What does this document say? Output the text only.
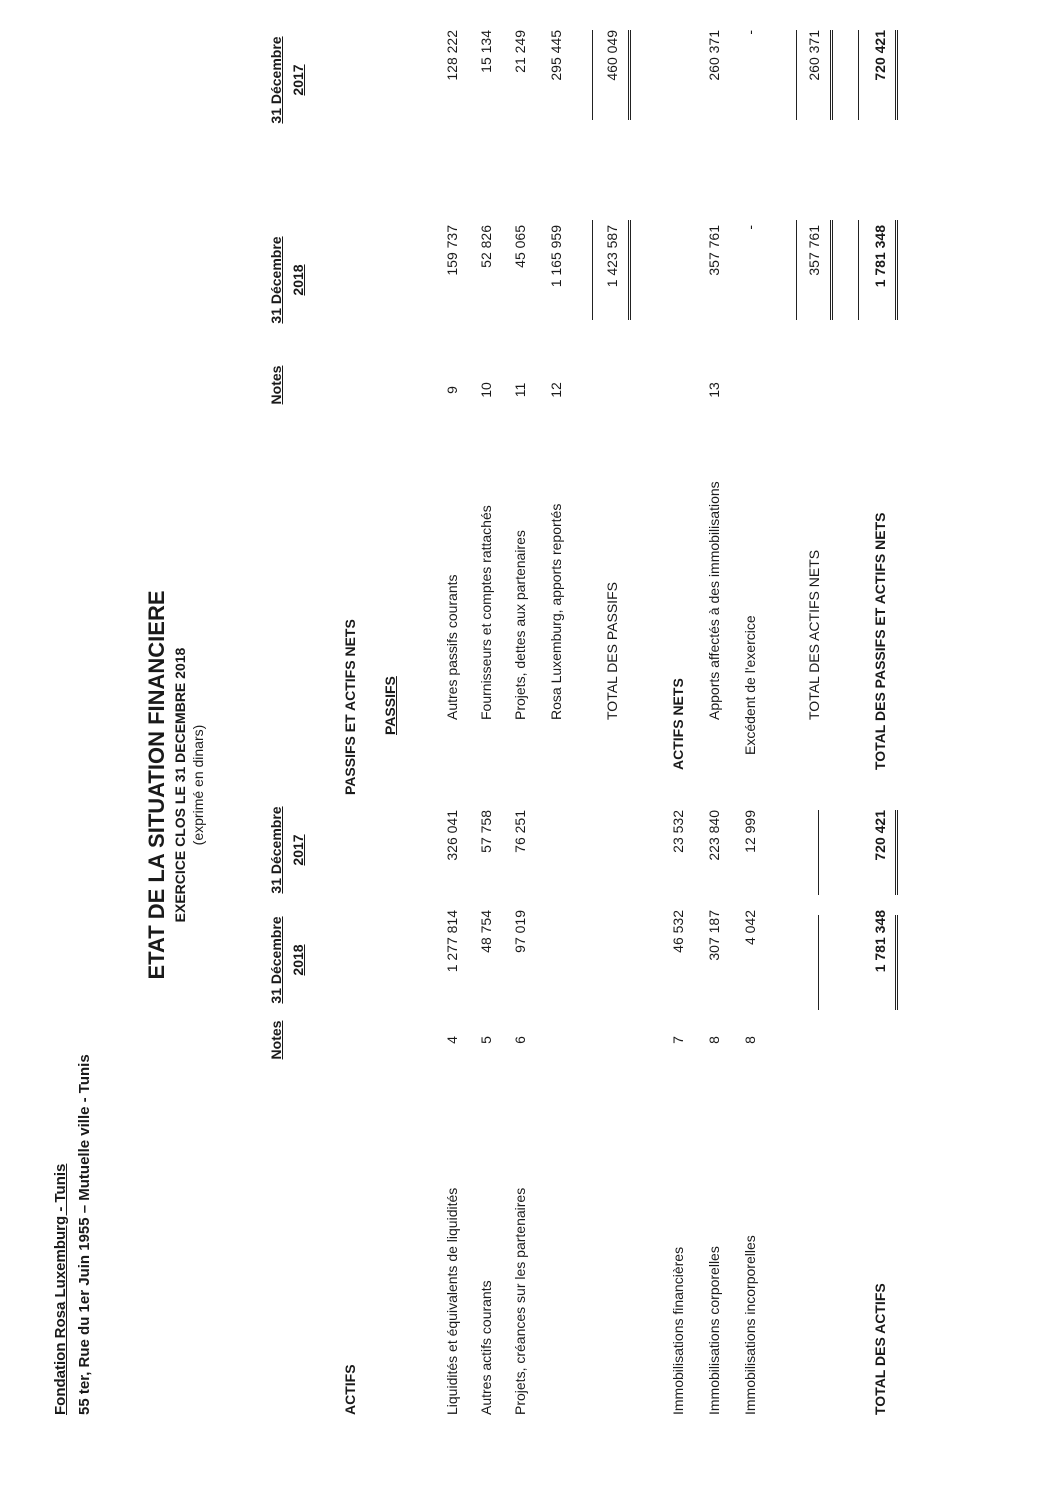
Fondation Rosa Luxemburg - Tunis 55 ter, Rue du 1er Juin 1955 – Mutuelle ville - Tunis
ETAT DE LA SITUATION FINANCIERE EXERCICE CLOS LE 31 DECEMBRE 2018 (exprimé en dinars)
Notes
31 Décembre 2018
31 Décembre 2017
ACTIFS	Liquidités et équivalents de liquidités
4
1 277 814
326 041
Autres actifs courants
5
48 754
57 758
Projets, créances sur les partenaires
6
97 019
76 251
Immobilisations financières
7
46 532
23 532
Immobilisations corporelles
8
307 187
223 840
Immobilisations incorporelles
8
4 042
12 999
TOTAL DES ACTIFS
1 781 348
720 421
Notes
31 Décembre 2018
31 Décembre 2017
PASSIFS ET ACTIFS NETS PASSIFS	Autres passifs courants
9
159 737
128 222
Fournisseurs et comptes rattachés
10
52 826
15 134
Projets, dettes aux partenaires
11
45 065
21 249
Rosa Luxemburg, apports reportés
12
1 165 959
295 445
TOTAL DES PASSIFS
1 423 587
460 049
ACTIFS NETS
Apports affectés à des immobilisations
13
357 761
260 371
Excédent de l'exercice
-
-
TOTAL DES ACTIFS NETS
357 761
260 371
TOTAL DES PASSIFS ET ACTIFS NETS
1 781 348
720 421
